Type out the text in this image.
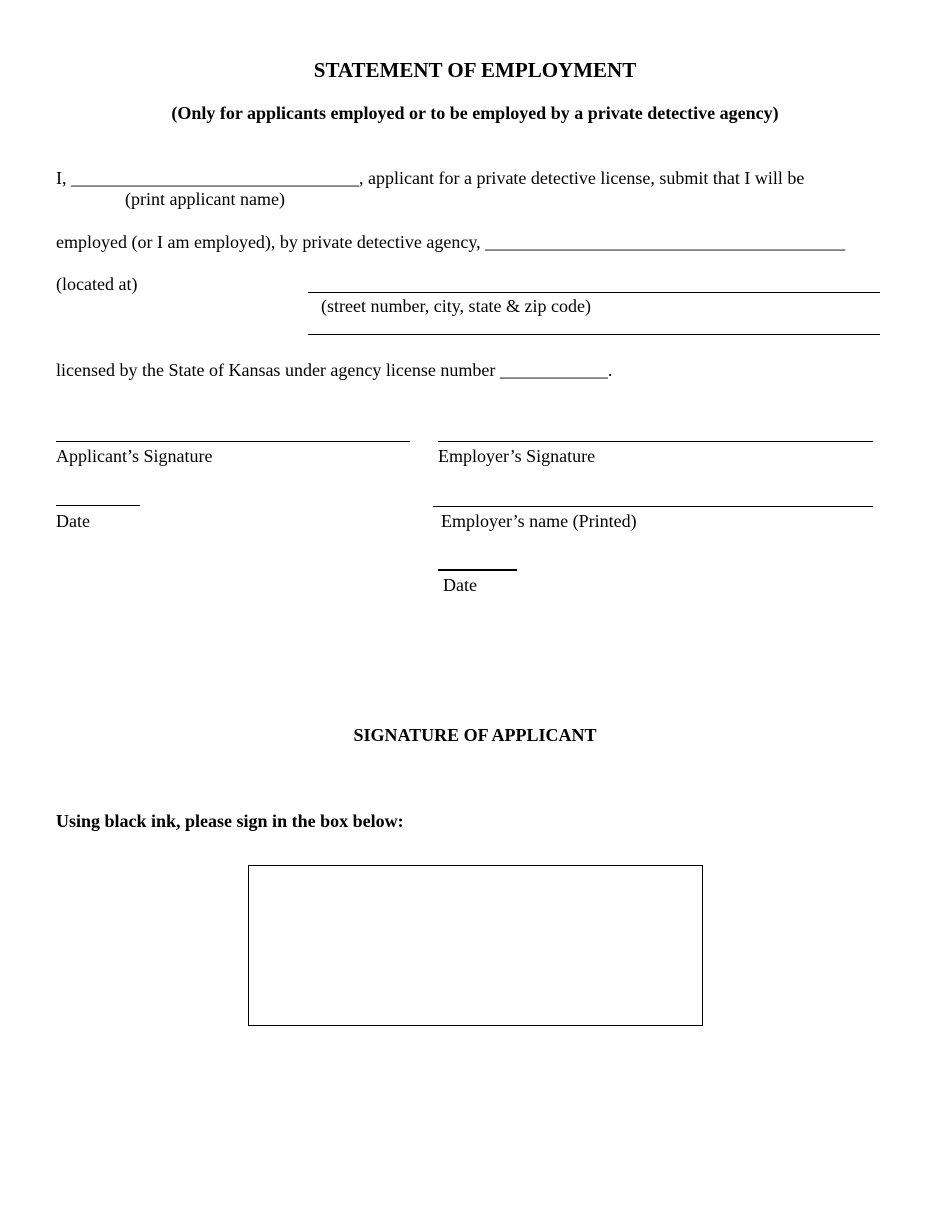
STATEMENT OF EMPLOYMENT
(Only for applicants employed or to be employed by a private detective agency)
I, ________________________________, applicant for a private detective license, submit that I will be
(print applicant name)
employed (or I am employed), by private detective agency, ________________________________________
(located at)
(street number, city, state & zip code)
licensed by the State of Kansas under agency license number ____________.
Applicant’s Signature
Date
Employer’s Signature
Employer’s name (Printed)
Date
SIGNATURE OF APPLICANT
Using black ink, please sign in the box below:
